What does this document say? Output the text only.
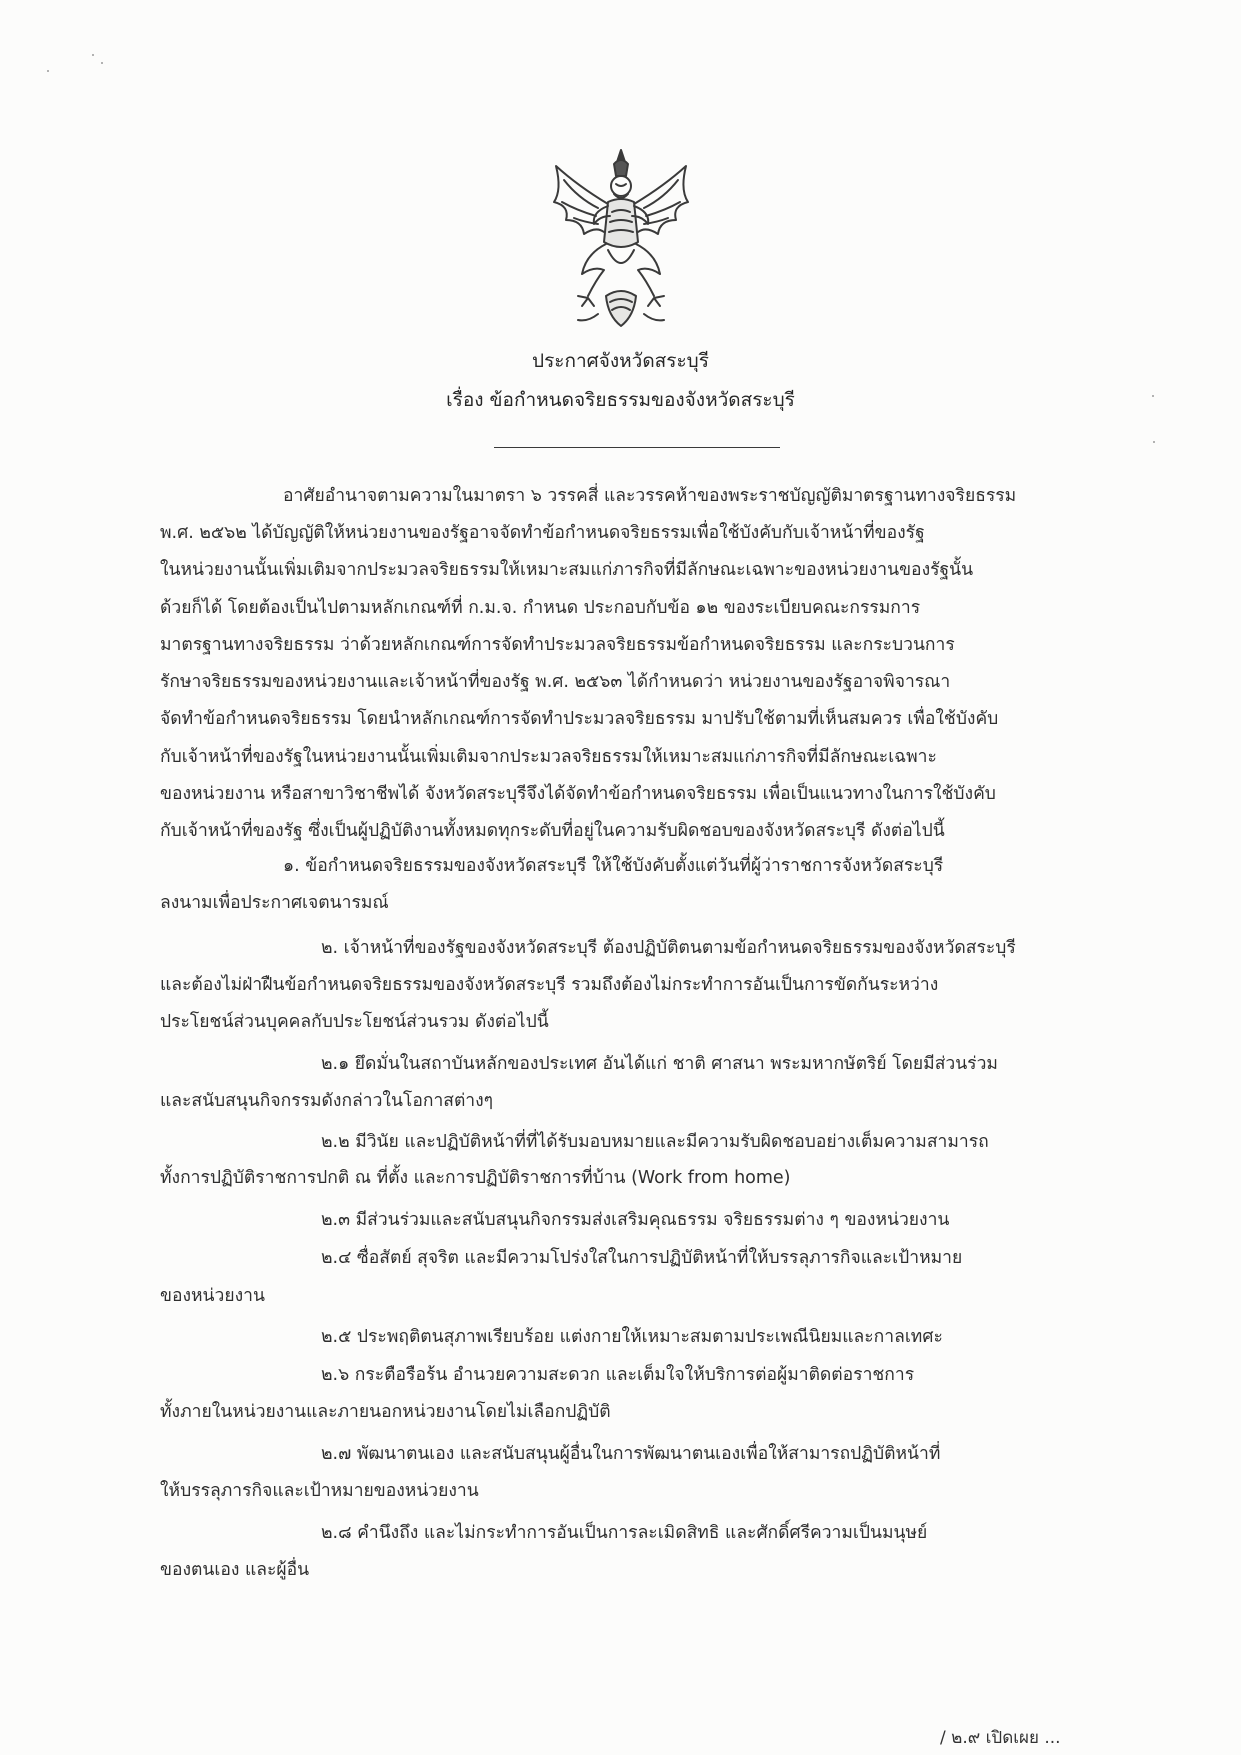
ประกาศจังหวัดสระบุรี
เรื่อง ข้อกำหนดจริยธรรมของจังหวัดสระบุรี
อาศัยอำนาจตามความในมาตรา ๖ วรรคสี่ และวรรคห้าของพระราชบัญญัติมาตรฐานทางจริยธรรม
พ.ศ. ๒๕๖๒ ได้บัญญัติให้หน่วยงานของรัฐอาจจัดทำข้อกำหนดจริยธรรมเพื่อใช้บังคับกับเจ้าหน้าที่ของรัฐ
ในหน่วยงานนั้นเพิ่มเติมจากประมวลจริยธรรมให้เหมาะสมแก่ภารกิจที่มีลักษณะเฉพาะของหน่วยงานของรัฐนั้น
ด้วยก็ได้ โดยต้องเป็นไปตามหลักเกณฑ์ที่ ก.ม.จ. กำหนด ประกอบกับข้อ ๑๒ ของระเบียบคณะกรรมการ
มาตรฐานทางจริยธรรม ว่าด้วยหลักเกณฑ์การจัดทำประมวลจริยธรรมข้อกำหนดจริยธรรม และกระบวนการ
รักษาจริยธรรมของหน่วยงานและเจ้าหน้าที่ของรัฐ พ.ศ. ๒๕๖๓ ได้กำหนดว่า หน่วยงานของรัฐอาจพิจารณา
จัดทำข้อกำหนดจริยธรรม โดยนำหลักเกณฑ์การจัดทำประมวลจริยธรรม มาปรับใช้ตามที่เห็นสมควร เพื่อใช้บังคับ
กับเจ้าหน้าที่ของรัฐในหน่วยงานนั้นเพิ่มเติมจากประมวลจริยธรรมให้เหมาะสมแก่ภารกิจที่มีลักษณะเฉพาะ
ของหน่วยงาน หรือสาขาวิชาชีพได้ จังหวัดสระบุรีจึงได้จัดทำข้อกำหนดจริยธรรม เพื่อเป็นแนวทางในการใช้บังคับ
กับเจ้าหน้าที่ของรัฐ ซึ่งเป็นผู้ปฏิบัติงานทั้งหมดทุกระดับที่อยู่ในความรับผิดชอบของจังหวัดสระบุรี ดังต่อไปนี้
๑. ข้อกำหนดจริยธรรมของจังหวัดสระบุรี ให้ใช้บังคับตั้งแต่วันที่ผู้ว่าราชการจังหวัดสระบุรี
ลงนามเพื่อประกาศเจตนารมณ์
๒. เจ้าหน้าที่ของรัฐของจังหวัดสระบุรี ต้องปฏิบัติตนตามข้อกำหนดจริยธรรมของจังหวัดสระบุรี
และต้องไม่ฝ่าฝืนข้อกำหนดจริยธรรมของจังหวัดสระบุรี รวมถึงต้องไม่กระทำการอันเป็นการขัดกันระหว่าง
ประโยชน์ส่วนบุคคลกับประโยชน์ส่วนรวม ดังต่อไปนี้
๒.๑ ยึดมั่นในสถาบันหลักของประเทศ อันได้แก่ ชาติ ศาสนา พระมหากษัตริย์ โดยมีส่วนร่วม
และสนับสนุนกิจกรรมดังกล่าวในโอกาสต่างๆ
๒.๒ มีวินัย และปฏิบัติหน้าที่ที่ได้รับมอบหมายและมีความรับผิดชอบอย่างเต็มความสามารถ
ทั้งการปฏิบัติราชการปกติ ณ ที่ตั้ง และการปฏิบัติราชการที่บ้าน (Work from home)
๒.๓ มีส่วนร่วมและสนับสนุนกิจกรรมส่งเสริมคุณธรรม จริยธรรมต่าง ๆ ของหน่วยงาน
๒.๔ ซื่อสัตย์ สุจริต และมีความโปร่งใสในการปฏิบัติหน้าที่ให้บรรลุภารกิจและเป้าหมาย
ของหน่วยงาน
๒.๕ ประพฤติตนสุภาพเรียบร้อย แต่งกายให้เหมาะสมตามประเพณีนิยมและกาลเทศะ
๒.๖ กระตือรือร้น อำนวยความสะดวก และเต็มใจให้บริการต่อผู้มาติดต่อราชการ
ทั้งภายในหน่วยงานและภายนอกหน่วยงานโดยไม่เลือกปฏิบัติ
๒.๗ พัฒนาตนเอง และสนับสนุนผู้อื่นในการพัฒนาตนเองเพื่อให้สามารถปฏิบัติหน้าที่
ให้บรรลุภารกิจและเป้าหมายของหน่วยงาน
๒.๘ คำนึงถึง และไม่กระทำการอันเป็นการละเมิดสิทธิ และศักดิ์ศรีความเป็นมนุษย์
ของตนเอง และผู้อื่น
/ ๒.๙ เปิดเผย ...
